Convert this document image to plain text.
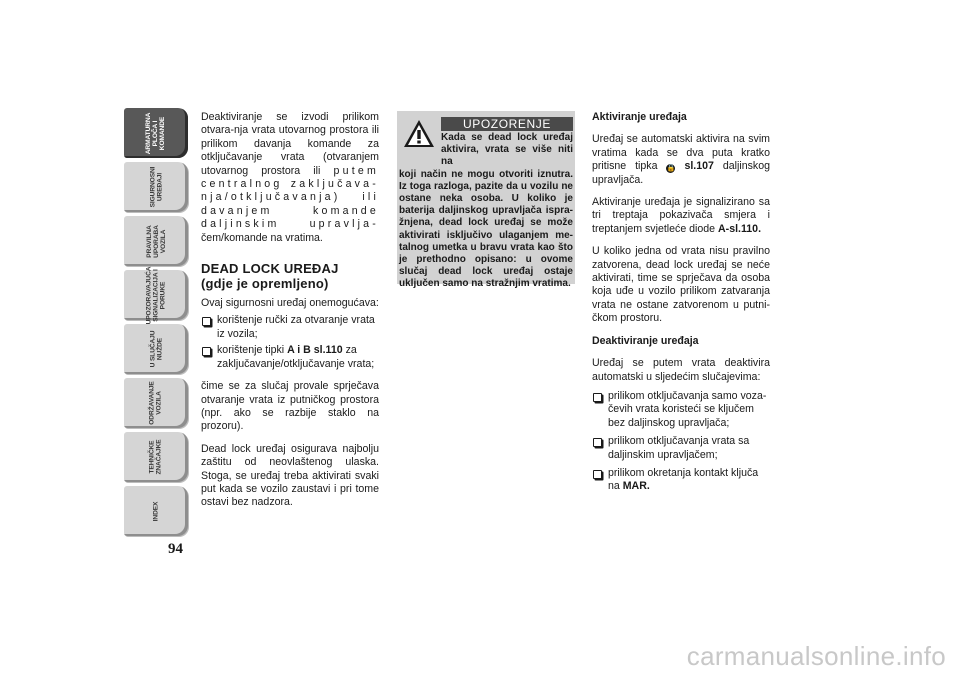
ARMATURNA
PLOČA I
KOMANDE
SIGURNOSNI
UREĐAJI
PRAVILNA
UPORABA
VOZILA
UPOZORAVAJUĆA
SIGNALIZACIJA I
PORUKE
U SLUČAJU
NUŽDE
ODRŽAVANJE
VOZILA
TEHNIČKE
ZNAČAJKE
INDEX
94

Deaktiviranje se izvodi prilikom otvara-nja vrata utovarnog prostora ili prilikom davanja komande za otključavanje vrata (otvaranjem utovarnog prostora ili putem centralnog zaključava-nja/otključavanja) ili davanjem komande daljinskim upravlja- čem/komande na vratima.

DEAD LOCK UREĐAJ
(gdje je opremljeno)

Ovaj sigurnosni uređaj onemogućava:

korištenje ručki za otvaranje vrata iz vozila;
korištenje tipki A i B sl.110 za zaključavanje/otključavanje vrata;

čime se za slučaj provale sprječava otvaranje vrata iz putničkog prostora (npr. ako se razbije staklo na prozoru).

Dead lock uređaj osigurava najbolju zaštitu od neovlaštenog ulaska. Stoga, se uređaj treba aktivirati svaki put kada se vozilo zaustavi i pri tome ostavi bez nadzora.

UPOZORENJE

Kada se dead lock uređaj aktivira, vrata se više niti na
koji način ne mogu otvoriti iznutra. Iz toga razloga, pazite da u vozilu ne ostane neka osoba. U koliko je baterija daljinskog upravljača ispra-žnjena, dead lock uređaj se može aktivirati isključivo ulaganjem me-talnog umetka u bravu vrata kao što je prethodno opisano: u ovome slučaj dead lock uređaj ostaje uključen samo na stražnjim vratima.

Aktiviranje uređaja

Uređaj se automatski aktivira na svim vratima kada se dva puta kratko pritisne tipka 🔒 sl.107 daljinskog upravljača.

Aktiviranje uređaja je signalizirano sa tri treptaja pokazivača smjera i treptanjem svjetleće diode A-sl.110.

U koliko jedna od vrata nisu pravilno zatvorena, dead lock uređaj se neće aktivirati, time se sprječava da osoba koja uđe u vozilo prilikom zatvaranja vrata ne ostane zatvorenom u putni-čkom prostoru.

Deaktiviranje uređaja

Uređaj se putem vrata deaktivira automatski u sljedećim slučajevima:

prilikom otključavanja samo voza-čevih vrata koristeći se ključem bez daljinskog upravljača;
prilikom otključavanja vrata sa daljinskim upravljačem;
prilikom okretanja kontakt ključa na MAR.
carmanualsonline.info
